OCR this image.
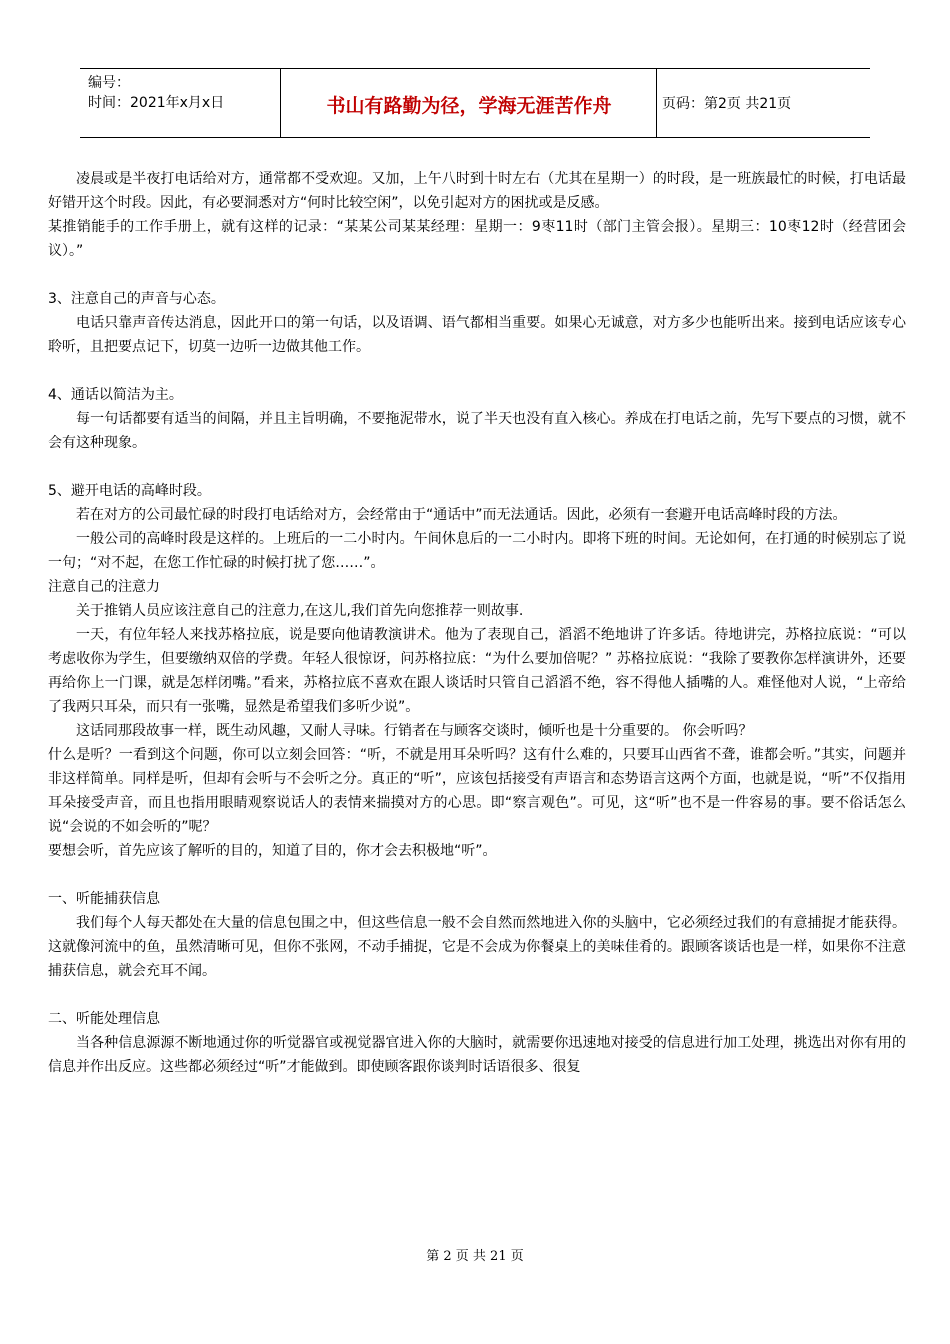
编号：
时间：2021年x月x日	书山有路勤为径，学海无涯苦作舟	页码：第2页 共21页

凌晨或是半夜打电话给对方，通常都不受欢迎。又加，上午八时到十时左右（尤其在星期一）的时段，是一班族最忙的时候，打电话最好错开这个时段。因此，有必要洞悉对方“何时比较空闲”，以免引起对方的困扰或是反感。

某推销能手的工作手册上，就有这样的记录：“某某公司某某经理：星期一：9枣11时（部门主管会报）。星期三：10枣12时（经营团会议）。”

3、注意自己的声音与心态。

电话只靠声音传达消息，因此开口的第一句话，以及语调、语气都相当重要。如果心无诚意，对方多少也能听出来。接到电话应该专心聆听，且把要点记下，切莫一边听一边做其他工作。

4、通话以简洁为主。

每一句话都要有适当的间隔，并且主旨明确，不要拖泥带水，说了半天也没有直入核心。养成在打电话之前，先写下要点的习惯，就不会有这种现象。

5、避开电话的高峰时段。

若在对方的公司最忙碌的时段打电话给对方，会经常由于“通话中”而无法通话。因此，必须有一套避开电话高峰时段的方法。

一般公司的高峰时段是这样的。上班后的一二小时内。午间休息后的一二小时内。即将下班的时间。无论如何，在打通的时候别忘了说一句；“对不起，在您工作忙碌的时候打扰了您……”。

注意自己的注意力

关于推销人员应该注意自己的注意力,在这儿,我们首先向您推荐一则故事.

一天，有位年轻人来找苏格拉底，说是要向他请教演讲术。他为了表现自己，滔滔不绝地讲了许多话。待地讲完，苏格拉底说：“可以考虑收你为学生，但要缴纳双倍的学费。年轻人很惊讶，问苏格拉底：“为什么要加倍呢？” 苏格拉底说：“我除了要教你怎样演讲外，还要再给你上一门课，就是怎样闭嘴。”看来，苏格拉底不喜欢在跟人谈话时只管自己滔滔不绝，容不得他人插嘴的人。难怪他对人说，“上帝给了我两只耳朵，而只有一张嘴，显然是希望我们多听少说”。

这话同那段故事一样，既生动风趣，又耐人寻味。行销者在与顾客交谈时，倾听也是十分重要的。 你会听吗？

什么是听？一看到这个问题，你可以立刻会回答：“听，不就是用耳朵听吗？这有什么难的，只要耳山西省不聋，谁都会听。”其实，问题并非这样简单。同样是听，但却有会听与不会听之分。真正的“听”，应该包括接受有声语言和态势语言这两个方面，也就是说，“听”不仅指用耳朵接受声音，而且也指用眼睛观察说话人的表情来揣摸对方的心思。即“察言观色”。可见，这“听”也不是一件容易的事。要不俗话怎么说“会说的不如会听的”呢？

要想会听，首先应该了解听的目的，知道了目的，你才会去积极地“听”。

一、听能捕获信息

我们每个人每天都处在大量的信息包围之中，但这些信息一般不会自然而然地进入你的头脑中，它必须经过我们的有意捕捉才能获得。这就像河流中的鱼，虽然清晰可见，但你不张网，不动手捕捉，它是不会成为你餐桌上的美味佳肴的。跟顾客谈话也是一样，如果你不注意捕获信息，就会充耳不闻。

二、听能处理信息

当各种信息源源不断地通过你的听觉器官或视觉器官进入你的大脑时，就需要你迅速地对接受的信息进行加工处理，挑选出对你有用的信息并作出反应。这些都必须经过“听”才能做到。即使顾客跟你谈判时话语很多、很复

第 2 页 共 21 页
